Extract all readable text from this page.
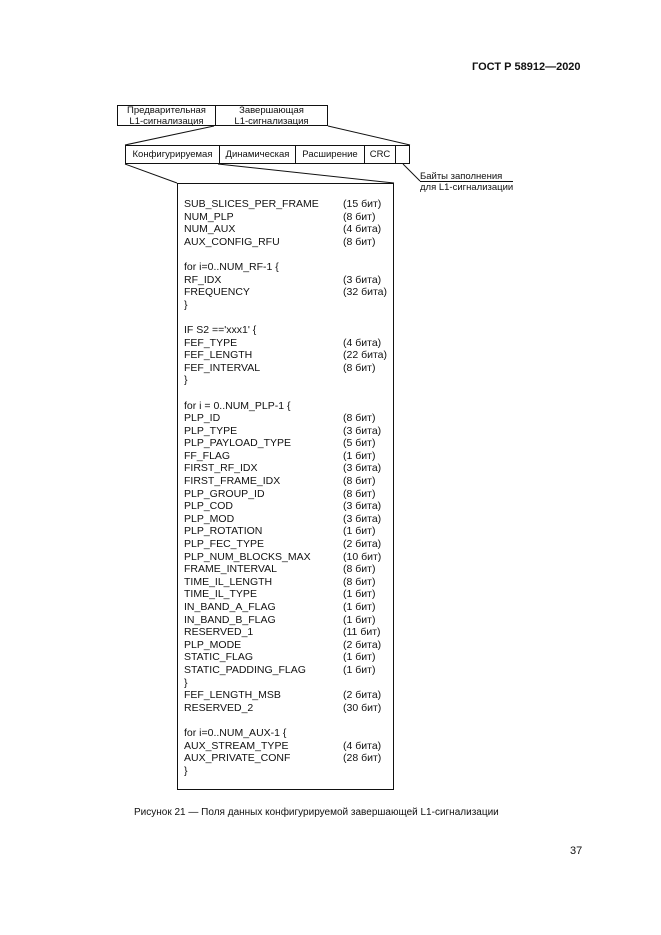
ГОСТ Р 58912—2020
Предварительная
L1-сигнализация
Завершающая
L1-сигнализация
Конфигурируемая Динамическая Расширение CRC
Байты заполнения
для L1-сигнализации
SUB_SLICES_PER_FRAME (15 бит)
NUM_PLP	(8 бит)
NUM_AUX	(4 бита)
AUX_CONFIG_RFU	(8 бит)
for i=0..NUM_RF-1 {
RF_IDX	(3 бита)
FREQUENCY	(32 бита)
}
IF S2 =='xxx1' {
FEF_TYPE	(4 бита)
FEF_LENGTH	(22 бита)
FEF_INTERVAL	(8 бит)
}
for i = 0..NUM_PLP-1 {
PLP_ID	(8 бит)
PLP_TYPE	(3 бита)
PLP_PAYLOAD_TYPE	(5 бит)
FF_FLAG	(1 бит)
FIRST_RF_IDX	(3 бита)
FIRST_FRAME_IDX	(8 бит)
PLP_GROUP_ID	(8 бит)
PLP_COD	(3 бита)
PLP_MOD	(3 бита)
PLP_ROTATION	(1 бит)
PLP_FEC_TYPE	(2 бита)
PLP_NUM_BLOCKS_MAX	(10 бит)
FRAME_INTERVAL	(8 бит)
TIME_IL_LENGTH	(8 бит)
TIME_IL_TYPE	(1 бит)
IN_BAND_A_FLAG	(1 бит)
IN_BAND_B_FLAG	(1 бит)
RESERVED_1	(11 бит)
PLP_MODE	(2 бита)
STATIC_FLAG	(1 бит)
STATIC_PADDING_FLAG	(1 бит)
}
FEF_LENGTH_MSB	(2 бита)
RESERVED_2	(30 бит)
for i=0..NUM_AUX-1 {
AUX_STREAM_TYPE	(4 бита)
AUX_PRIVATE_CONF	(28 бит)
}
Рисунок 21 — Поля данных конфигурируемой завершающей L1-сигнализации
37
